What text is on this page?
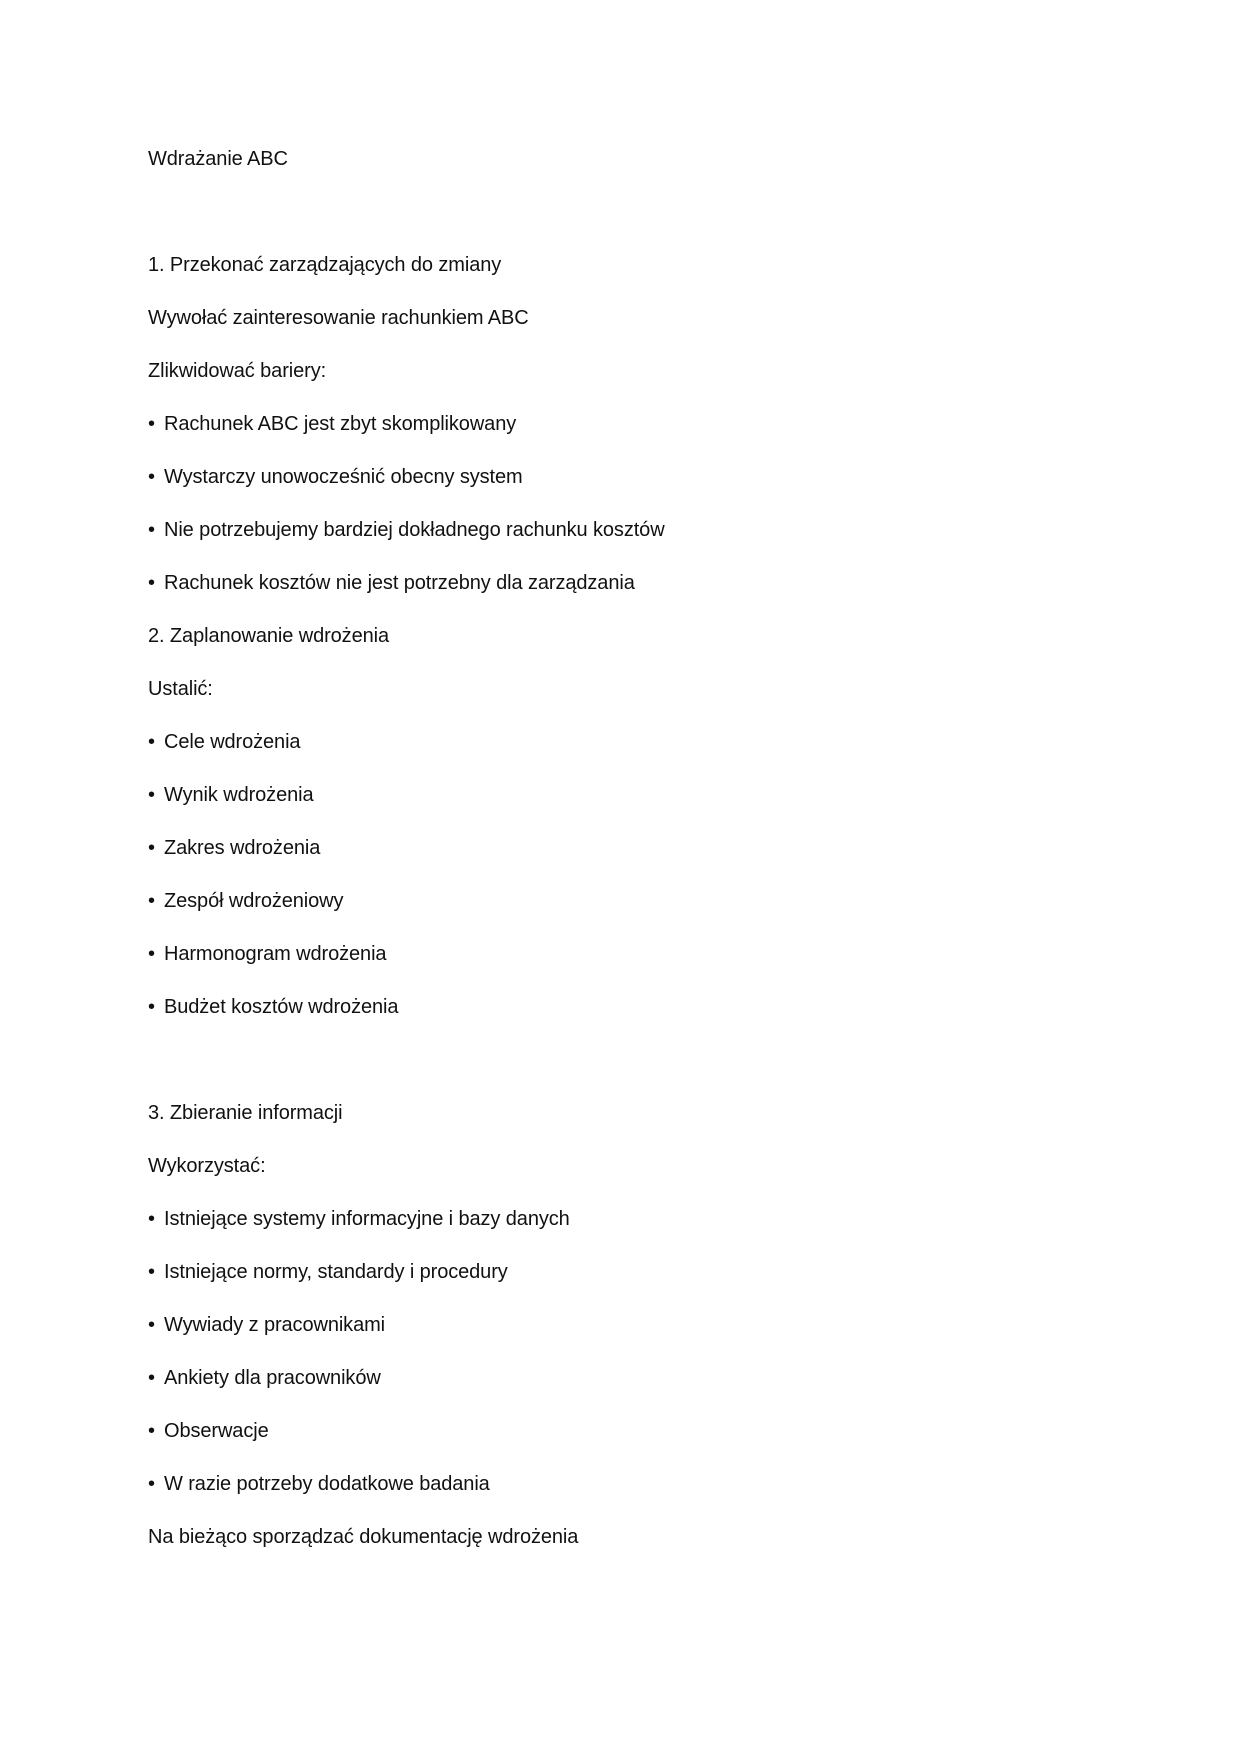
Wdrażanie ABC
1. Przekonać zarządzających do zmiany
Wywołać zainteresowanie rachunkiem ABC
Zlikwidować bariery:
• Rachunek ABC jest zbyt skomplikowany
• Wystarczy unowocześnić obecny system
• Nie potrzebujemy bardziej dokładnego rachunku kosztów
• Rachunek kosztów nie jest potrzebny dla zarządzania
2. Zaplanowanie wdrożenia
Ustalić:
• Cele wdrożenia
• Wynik wdrożenia
• Zakres wdrożenia
• Zespół wdrożeniowy
• Harmonogram wdrożenia
• Budżet kosztów wdrożenia
3. Zbieranie informacji
Wykorzystać:
• Istniejące systemy informacyjne i bazy danych
• Istniejące normy, standardy i procedury
• Wywiady z pracownikami
• Ankiety dla pracowników
• Obserwacje
• W razie potrzeby dodatkowe badania
Na bieżąco sporządzać dokumentację wdrożenia
